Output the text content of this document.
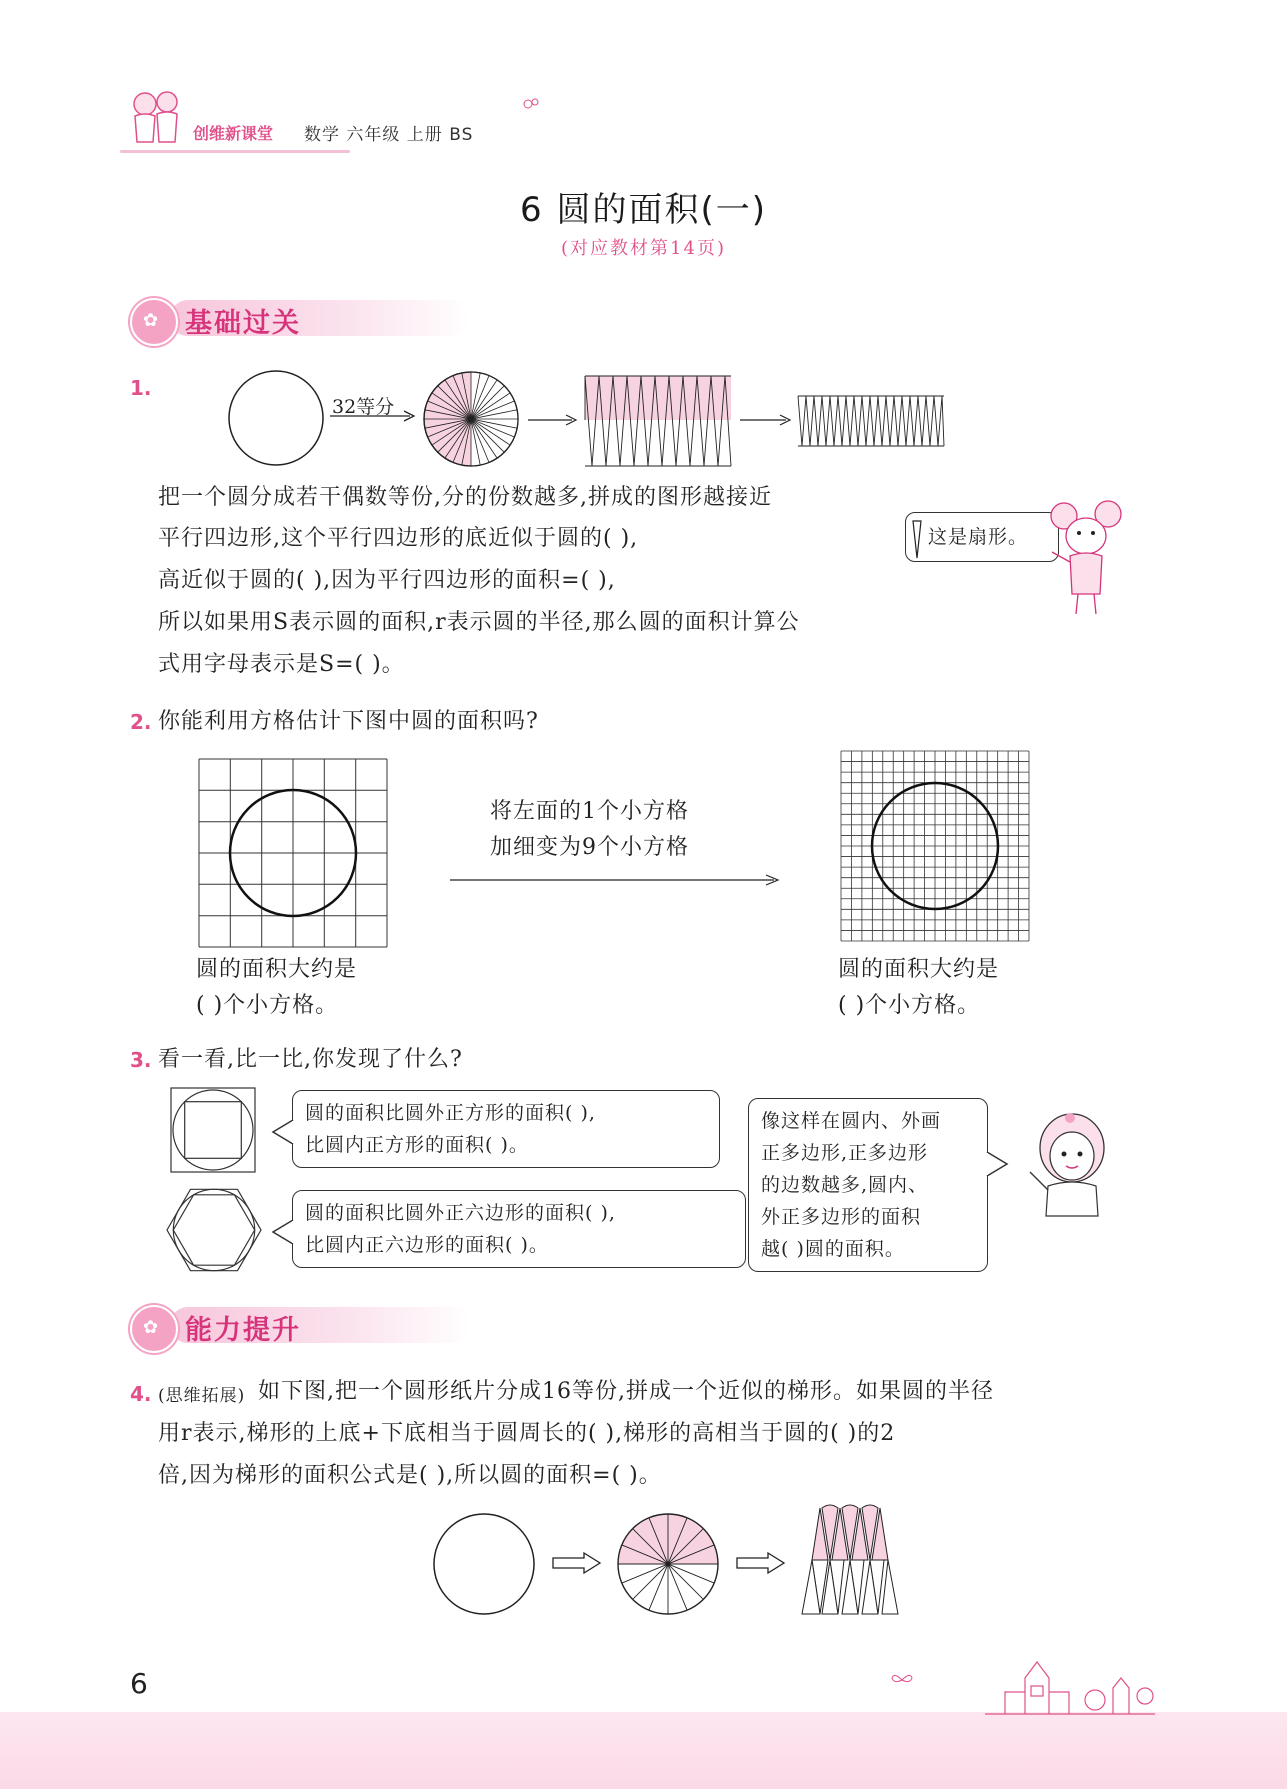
创维新课堂 数学 六年级 上册 BS
6 圆的面积(一)
(对应教材第14页)
✿ 基础过关
1.
32等分
把一个圆分成若干偶数等份,分的份数越多,拼成的图形越接近
平行四边形,这个平行四边形的底近似于圆的( ),
高近似于圆的( ),因为平行四边形的面积=( ),
所以如果用S表示圆的面积,r表示圆的半径,那么圆的面积计算公
式用字母表示是S=( )。
这是扇形。
2. 你能利用方格估计下图中圆的面积吗?
将左面的1个小方格
加细变为9个小方格
圆的面积大约是
( )个小方格。
圆的面积大约是
( )个小方格。
3. 看一看,比一比,你发现了什么?
圆的面积比圆外正方形的面积( ),
比圆内正方形的面积( )。
圆的面积比圆外正六边形的面积( ),
比圆内正六边形的面积( )。
像这样在圆内、外画
正多边形,正多边形
的边数越多,圆内、
外正多边形的面积
越( )圆的面积。
✿ 能力提升
4. (思维拓展) 如下图,把一个圆形纸片分成16等份,拼成一个近似的梯形。如果圆的半径
用r表示,梯形的上底+下底相当于圆周长的( ),梯形的高相当于圆的( )的2
倍,因为梯形的面积公式是( ),所以圆的面积=( )。
6
